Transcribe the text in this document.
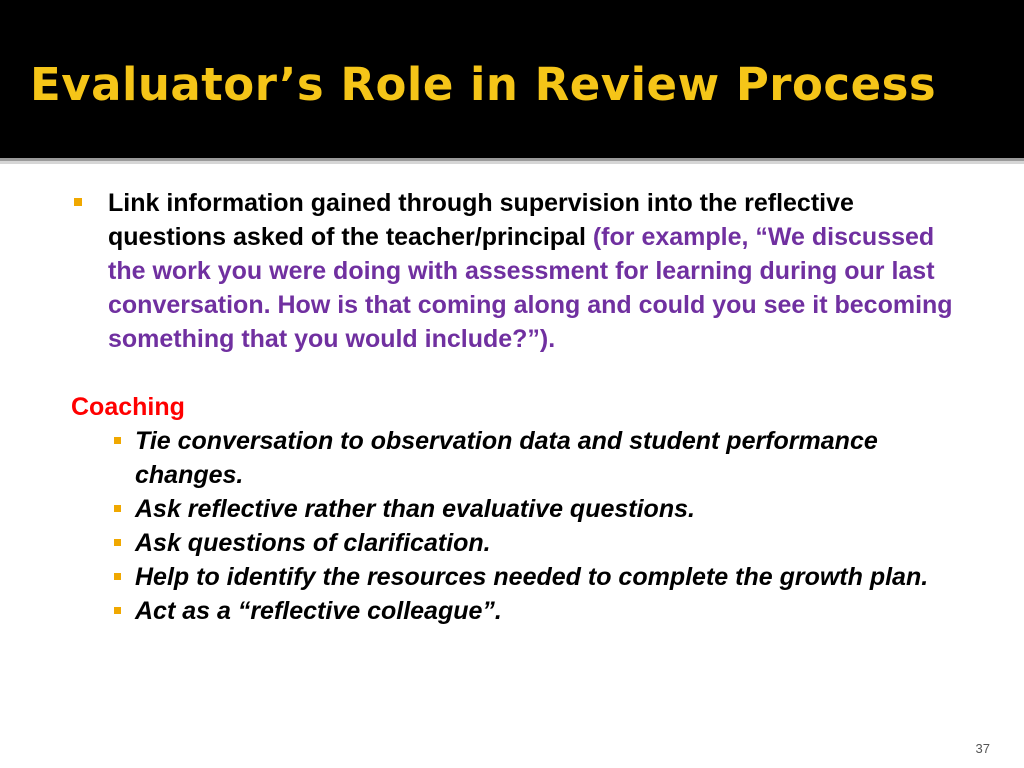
Evaluator’s Role in Review Process
Link information gained through supervision into the reflective questions asked of the teacher/principal (for example, “We discussed the work you were doing with assessment for learning during our last conversation. How is that coming along and could you see it becoming something that you would include?”).
Coaching
Tie conversation to observation data and student performance changes.
Ask reflective rather than evaluative questions.
Ask questions of clarification.
Help to identify the resources needed to complete the growth plan.
Act as a “reflective colleague”.
37
